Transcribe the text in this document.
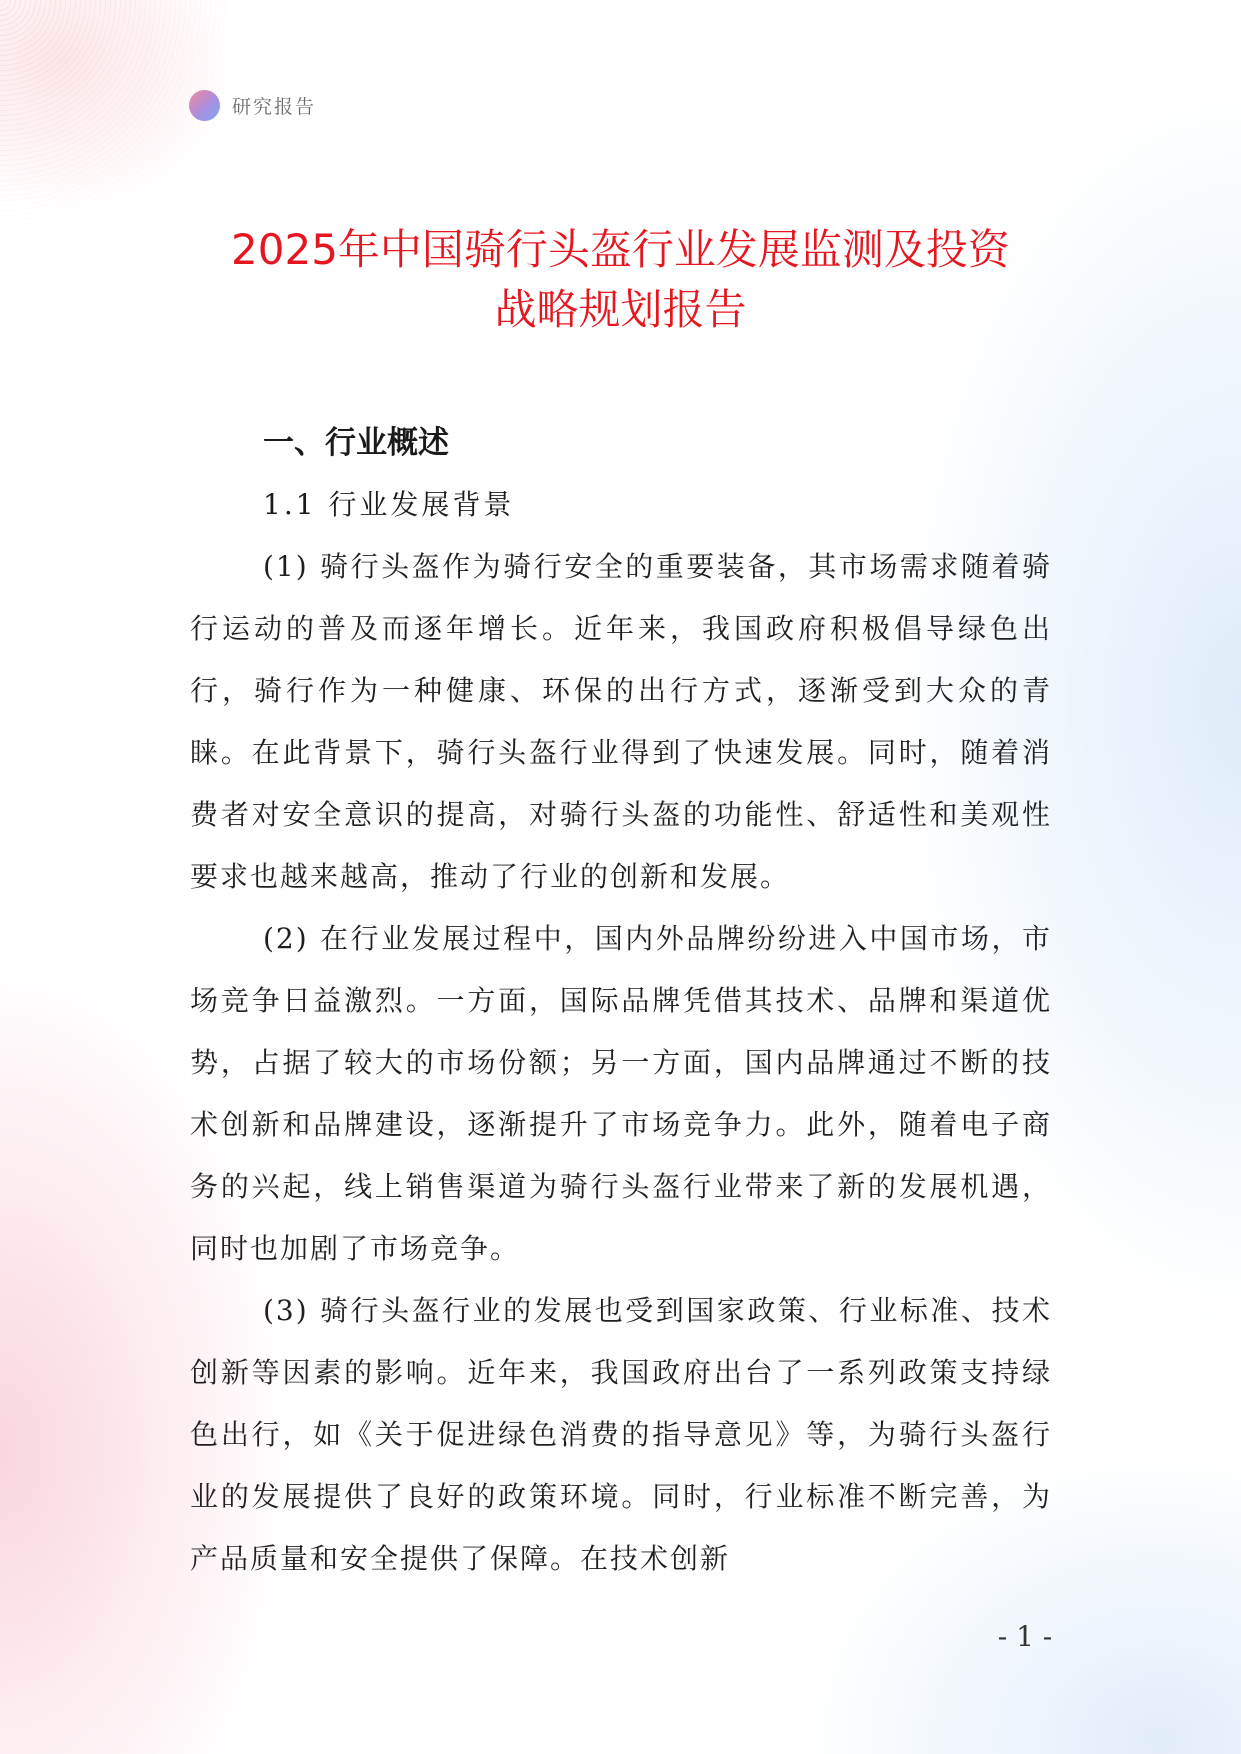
研究报告
2025年中国骑行头盔行业发展监测及投资
战略规划报告
一、行业概述
1.1 行业发展背景

(1) 骑行头盔作为骑行安全的重要装备，其市场需求随着骑行运动的普及而逐年增长。近年来，我国政府积极倡导绿色出行，骑行作为一种健康、环保的出行方式，逐渐受到大众的青睐。在此背景下，骑行头盔行业得到了快速发展。同时，随着消费者对安全意识的提高，对骑行头盔的功能性、舒适性和美观性要求也越来越高，推动了行业的创新和发展。

(2) 在行业发展过程中，国内外品牌纷纷进入中国市场，市场竞争日益激烈。一方面，国际品牌凭借其技术、品牌和渠道优势，占据了较大的市场份额；另一方面，国内品牌通过不断的技术创新和品牌建设，逐渐提升了市场竞争力。此外，随着电子商务的兴起，线上销售渠道为骑行头盔行业带来了新的发展机遇，同时也加剧了市场竞争。

(3) 骑行头盔行业的发展也受到国家政策、行业标准、技术创新等因素的影响。近年来，我国政府出台了一系列政策支持绿色出行，如《关于促进绿色消费的指导意见》等，为骑行头盔行业的发展提供了良好的政策环境。同时，行业标准不断完善，为产品质量和安全提供了保障。在技术创新

- 1 -
